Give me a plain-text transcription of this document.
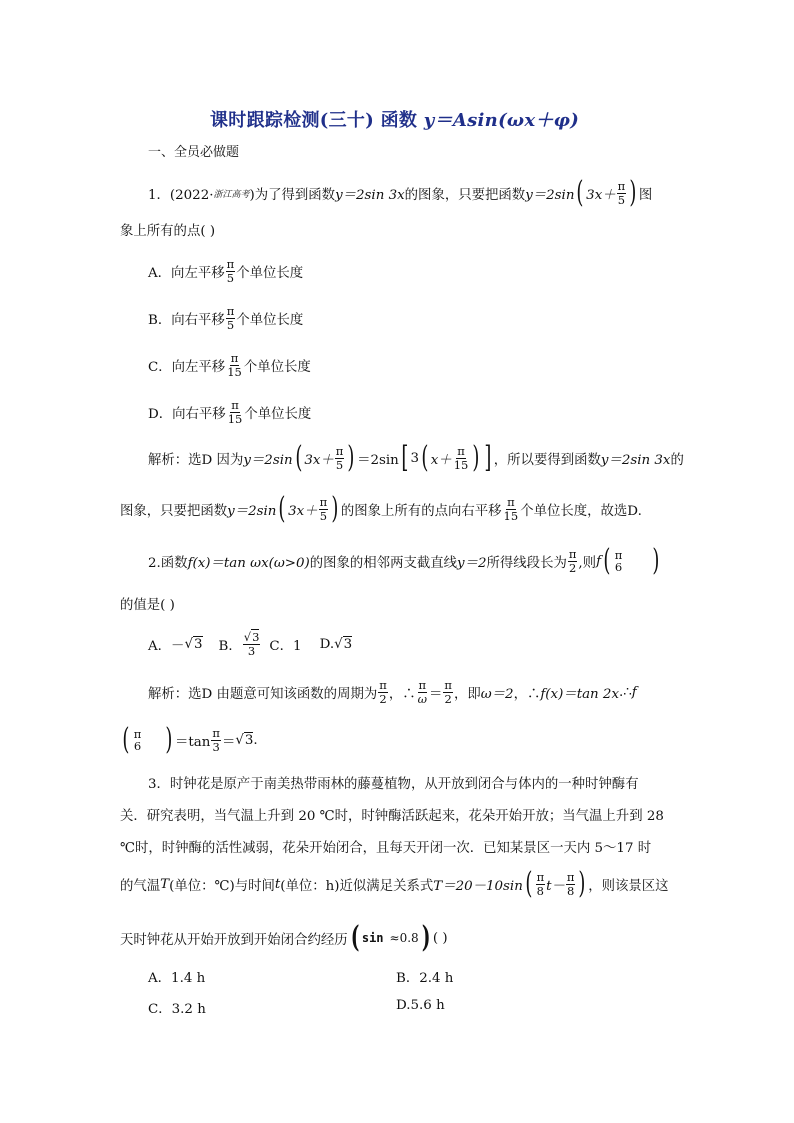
课时跟踪检测(三十) 函数 y＝Asin(ωx＋φ)
一、全员必做题
1．(2022· 浙江高考 )为了得到函数 y＝2sin 3x 的图象，只要把函数 y＝2sin ( $3x+ \frac{\pi}{5}$ ) 图
象上所有的点( )
A．向左平移 $\frac{\pi}{5}$ 个单位长度
B．向右平移 $\frac{\pi}{5}$ 个单位长度
C．向左平移 $\frac{\pi}{15}$ 个单位长度
D．向右平移 $\frac{\pi}{15}$ 个单位长度
解析：选D 因为 y＝2sin ( $3x+ \frac{\pi}{5}$ ) ＝2sin [ 3 ( $x+ \frac{\pi}{15}$ ) ] ，所以要得到函数 y＝2sin 3x 的
图象，只要把函数 y＝2sin ( $3x+ \frac{\pi}{5}$ ) 的图象上所有的点向右平移 $\frac{\pi}{15}$ 个单位长度，故选D.
2.函数 f(x)＝tan ωx(ω>0) 的图象的相邻两支截直线 y＝2 所得线段长为 $\frac{\pi}{2}$ ,则 f ( π
6 )
的值是( )
A．－ √ 3 B． $\frac{√3}{3}$ C．1 D. √ 3
解析：选D 由题意可知该函数的周期为 $\frac{\pi}{2}$ ，∴ $\frac{\pi}{\omega} = \frac{\pi}{2}$ ，即 ω＝2 ，∴ f(x)＝tan 2x .∴ f
( π
6 ) $=\tan \frac{\pi}{3}$ ＝ √ 3 .
3．时钟花是原产于南美热带雨林的藤蔓植物，从开放到闭合与体内的一种时钟酶有
关．研究表明，当气温上升到 20 ℃时，时钟酶活跃起来，花朵开始开放；当气温上升到 28
℃时，时钟酶的活性减弱，花朵开始闭合，且每天开闭一次．已知某景区一天内 5～17 时
的气温 T (单位：℃)与时间 t (单位：h)近似满足关系式 T＝20－10sin ( $\frac{\pi}{8} t- \frac{\pi}{8}$ ) ，则该景区这
天时钟花从开始开放到开始闭合约经历 ( sin ≈0.8 ) ( )
A．1.4 h	B．2.4 h
C．3.2 h	D.5.6 h
